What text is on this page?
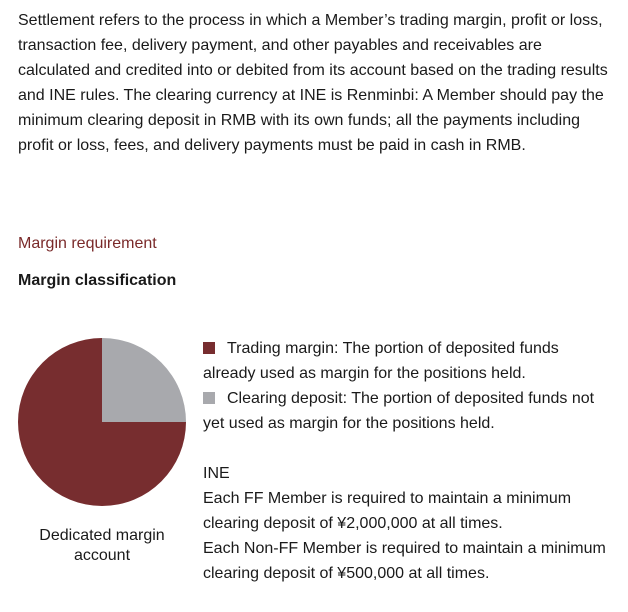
Settlement refers to the process in which a Member’s trading margin, profit or loss, transaction fee, delivery payment, and other payables and receivables are calculated and credited into or debited from its account based on the trading results and INE rules. The clearing currency at INE is Renminbi: A Member should pay the minimum clearing deposit in RMB with its own funds; all the payments including profit or loss, fees, and delivery payments must be paid in cash in RMB.

Margin requirement
Margin classification
Dedicated margin account

Trading margin: The portion of deposited funds already used as margin for the positions held.

Clearing deposit: The portion of deposited funds not yet used as margin for the positions held.

INE

Each FF Member is required to maintain a minimum clearing deposit of ¥2,000,000 at all times.

Each Non-FF Member is required to maintain a minimum clearing deposit of ¥500,000 at all times.
